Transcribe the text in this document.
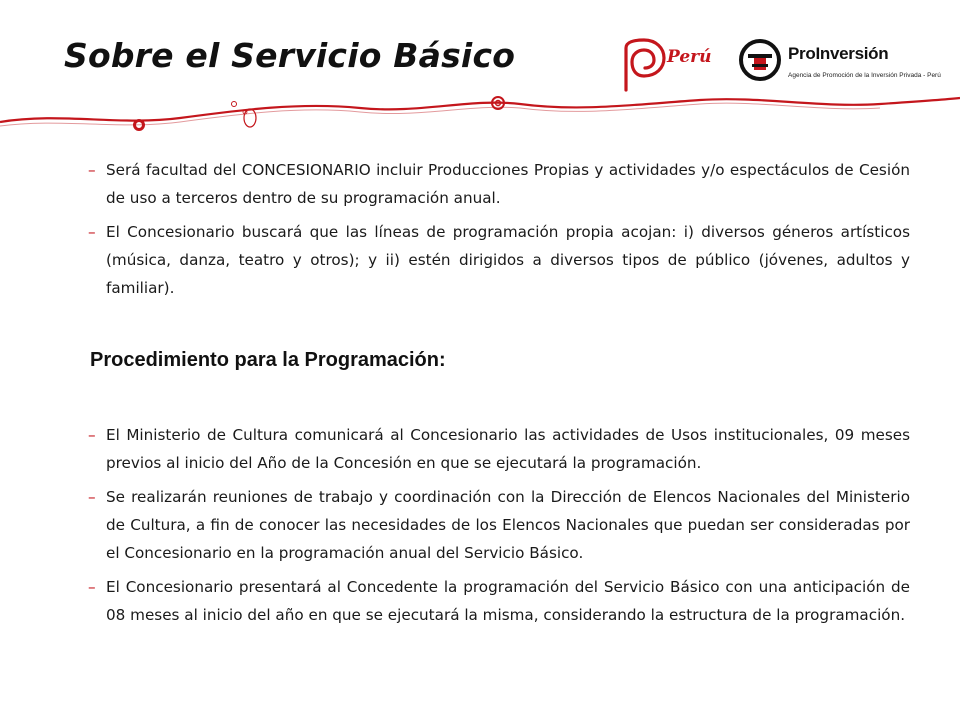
Sobre el Servicio Básico	Perú	ProInversión
Agencia de Promoción de la Inversión Privada - Perú
– Será facultad del CONCESIONARIO incluir Producciones Propias y actividades y/o espectáculos de Cesión de uso a terceros dentro de su programación anual.
– El Concesionario buscará que las líneas de programación propia acojan: i) diversos géneros artísticos (música, danza, teatro y otros); y ii) estén dirigidos a diversos tipos de público (jóvenes, adultos y familiar).
Procedimiento para la Programación:
– El Ministerio de Cultura comunicará al Concesionario las actividades de Usos institucionales, 09 meses previos al inicio del Año de la Concesión en que se ejecutará la programación.
– Se realizarán reuniones de trabajo y coordinación con la Dirección de Elencos Nacionales del Ministerio de Cultura, a fin de conocer las necesidades de los Elencos Nacionales que puedan ser consideradas por el Concesionario en la programación anual del Servicio Básico.
– El Concesionario presentará al Concedente la programación del Servicio Básico con una anticipación de 08 meses al inicio del año en que se ejecutará la misma, considerando la estructura de la programación.
